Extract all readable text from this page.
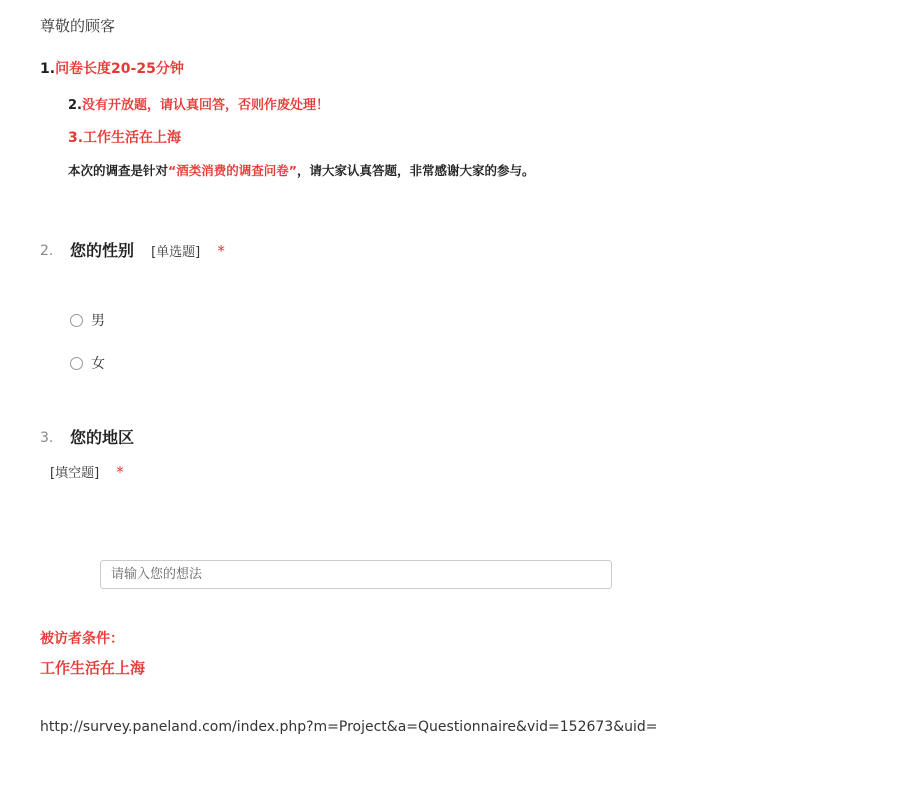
尊敬的顾客
1.问卷长度20-25分钟
2.没有开放题，请认真回答，否则作废处理！
3.工作生活在上海
本次的调查是针对“酒类消费的调查问卷”，请大家认真答题，非常感谢大家的参与。
2. 您的性别 [单选题] *
男
女
3. 您的地区
[填空题] *
请输入您的想法
被访者条件：
工作生活在上海
http://survey.paneland.com/index.php?m=Project&a=Questionnaire&vid=152673&uid=
